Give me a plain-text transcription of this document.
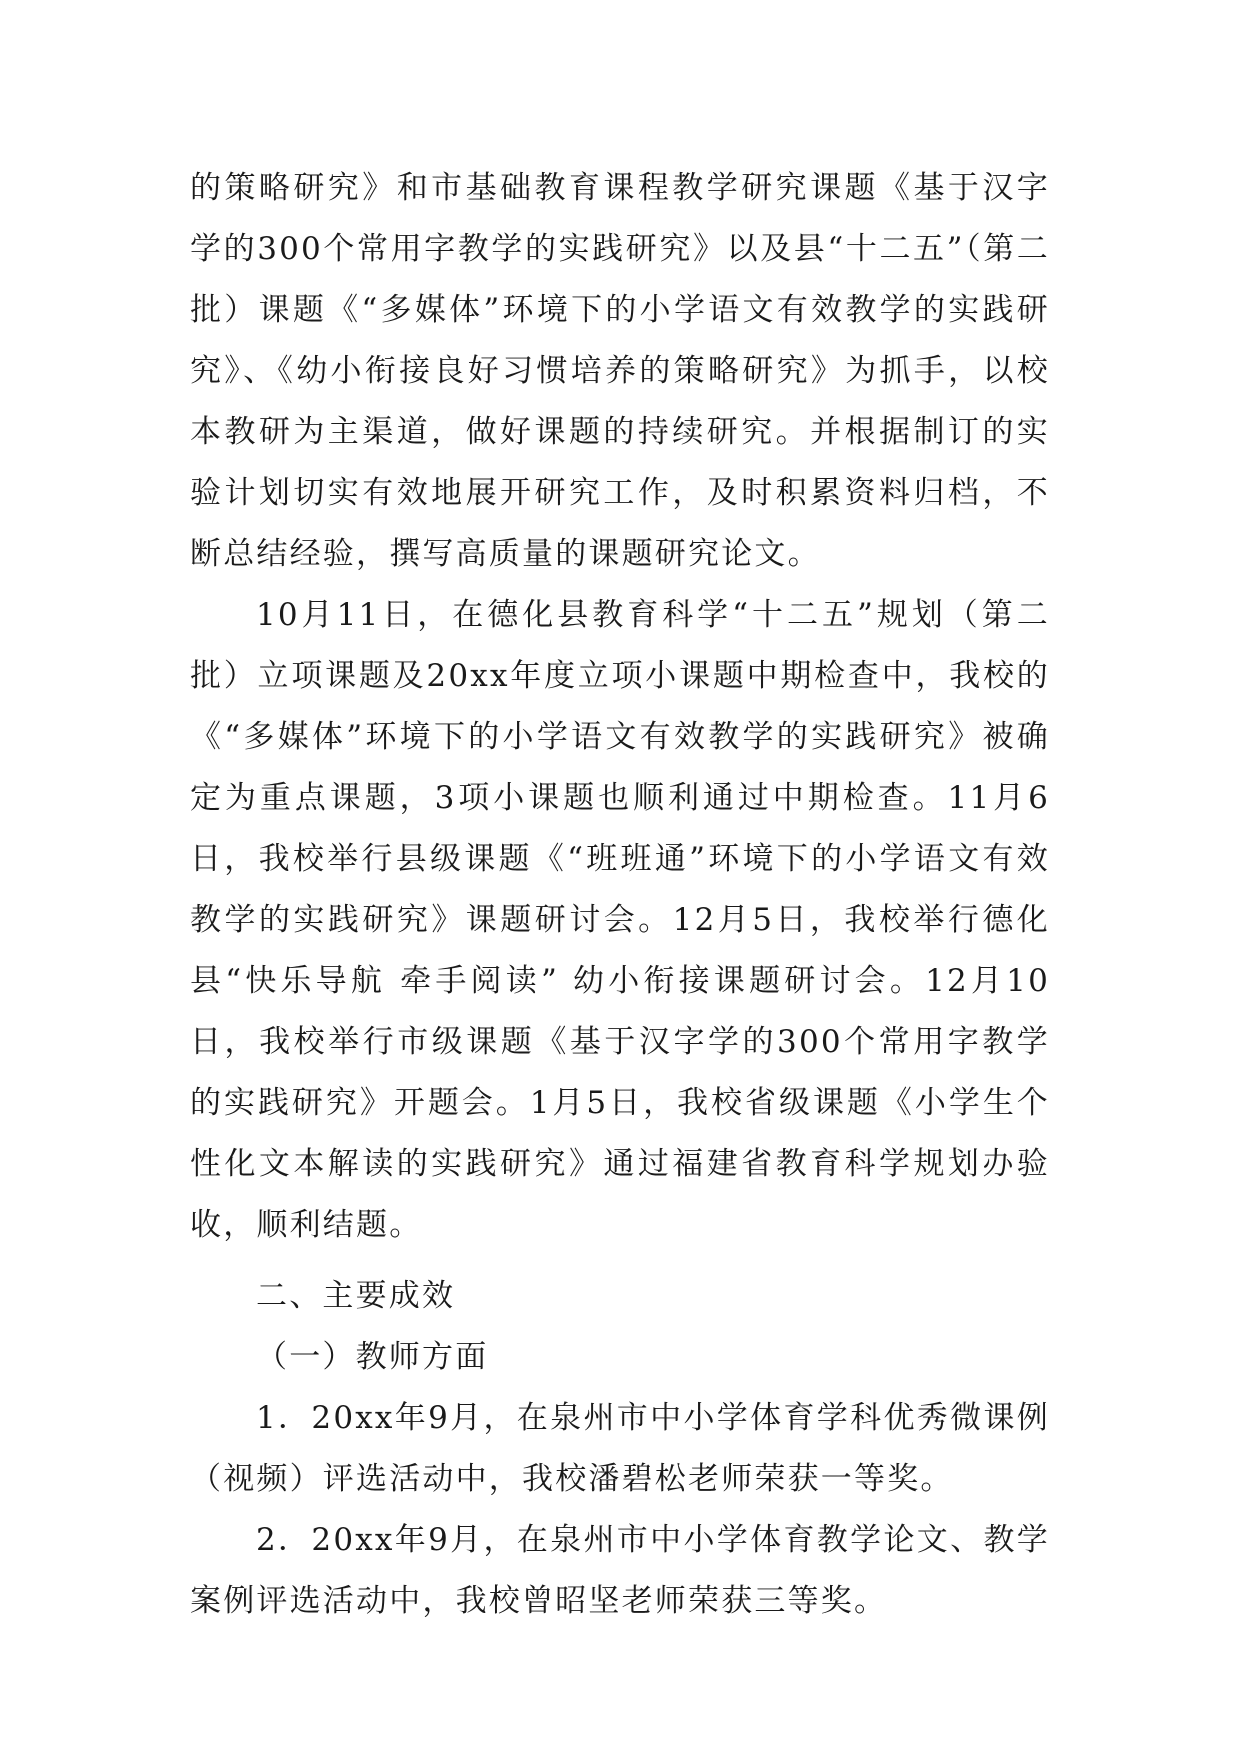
的策略研究》和市基础教育课程教学研究课题《基于汉字学的300个常用字教学的实践研究》以及县“十二五”（第二批）课题《“多媒体”环境下的小学语文有效教学的实践研究》、《幼小衔接良好习惯培养的策略研究》为抓手，以校本教研为主渠道，做好课题的持续研究。并根据制订的实验计划切实有效地展开研究工作，及时积累资料归档，不断总结经验，撰写高质量的课题研究论文。

10月11日，在德化县教育科学“十二五”规划（第二批）立项课题及20xx年度立项小课题中期检查中，我校的《“多媒体”环境下的小学语文有效教学的实践研究》被确定为重点课题，3项小课题也顺利通过中期检查。11月6日，我校举行县级课题《“班班通”环境下的小学语文有效教学的实践研究》课题研讨会。12月5日，我校举行德化县“快乐导航 牵手阅读” 幼小衔接课题研讨会。12月10日，我校举行市级课题《基于汉字学的300个常用字教学的实践研究》开题会。1月5日，我校省级课题《小学生个性化文本解读的实践研究》通过福建省教育科学规划办验收，顺利结题。

二、主要成效

（一）教师方面

1．20xx年9月，在泉州市中小学体育学科优秀微课例（视频）评选活动中，我校潘碧松老师荣获一等奖。

2．20xx年9月，在泉州市中小学体育教学论文、教学案例评选活动中，我校曾昭坚老师荣获三等奖。
